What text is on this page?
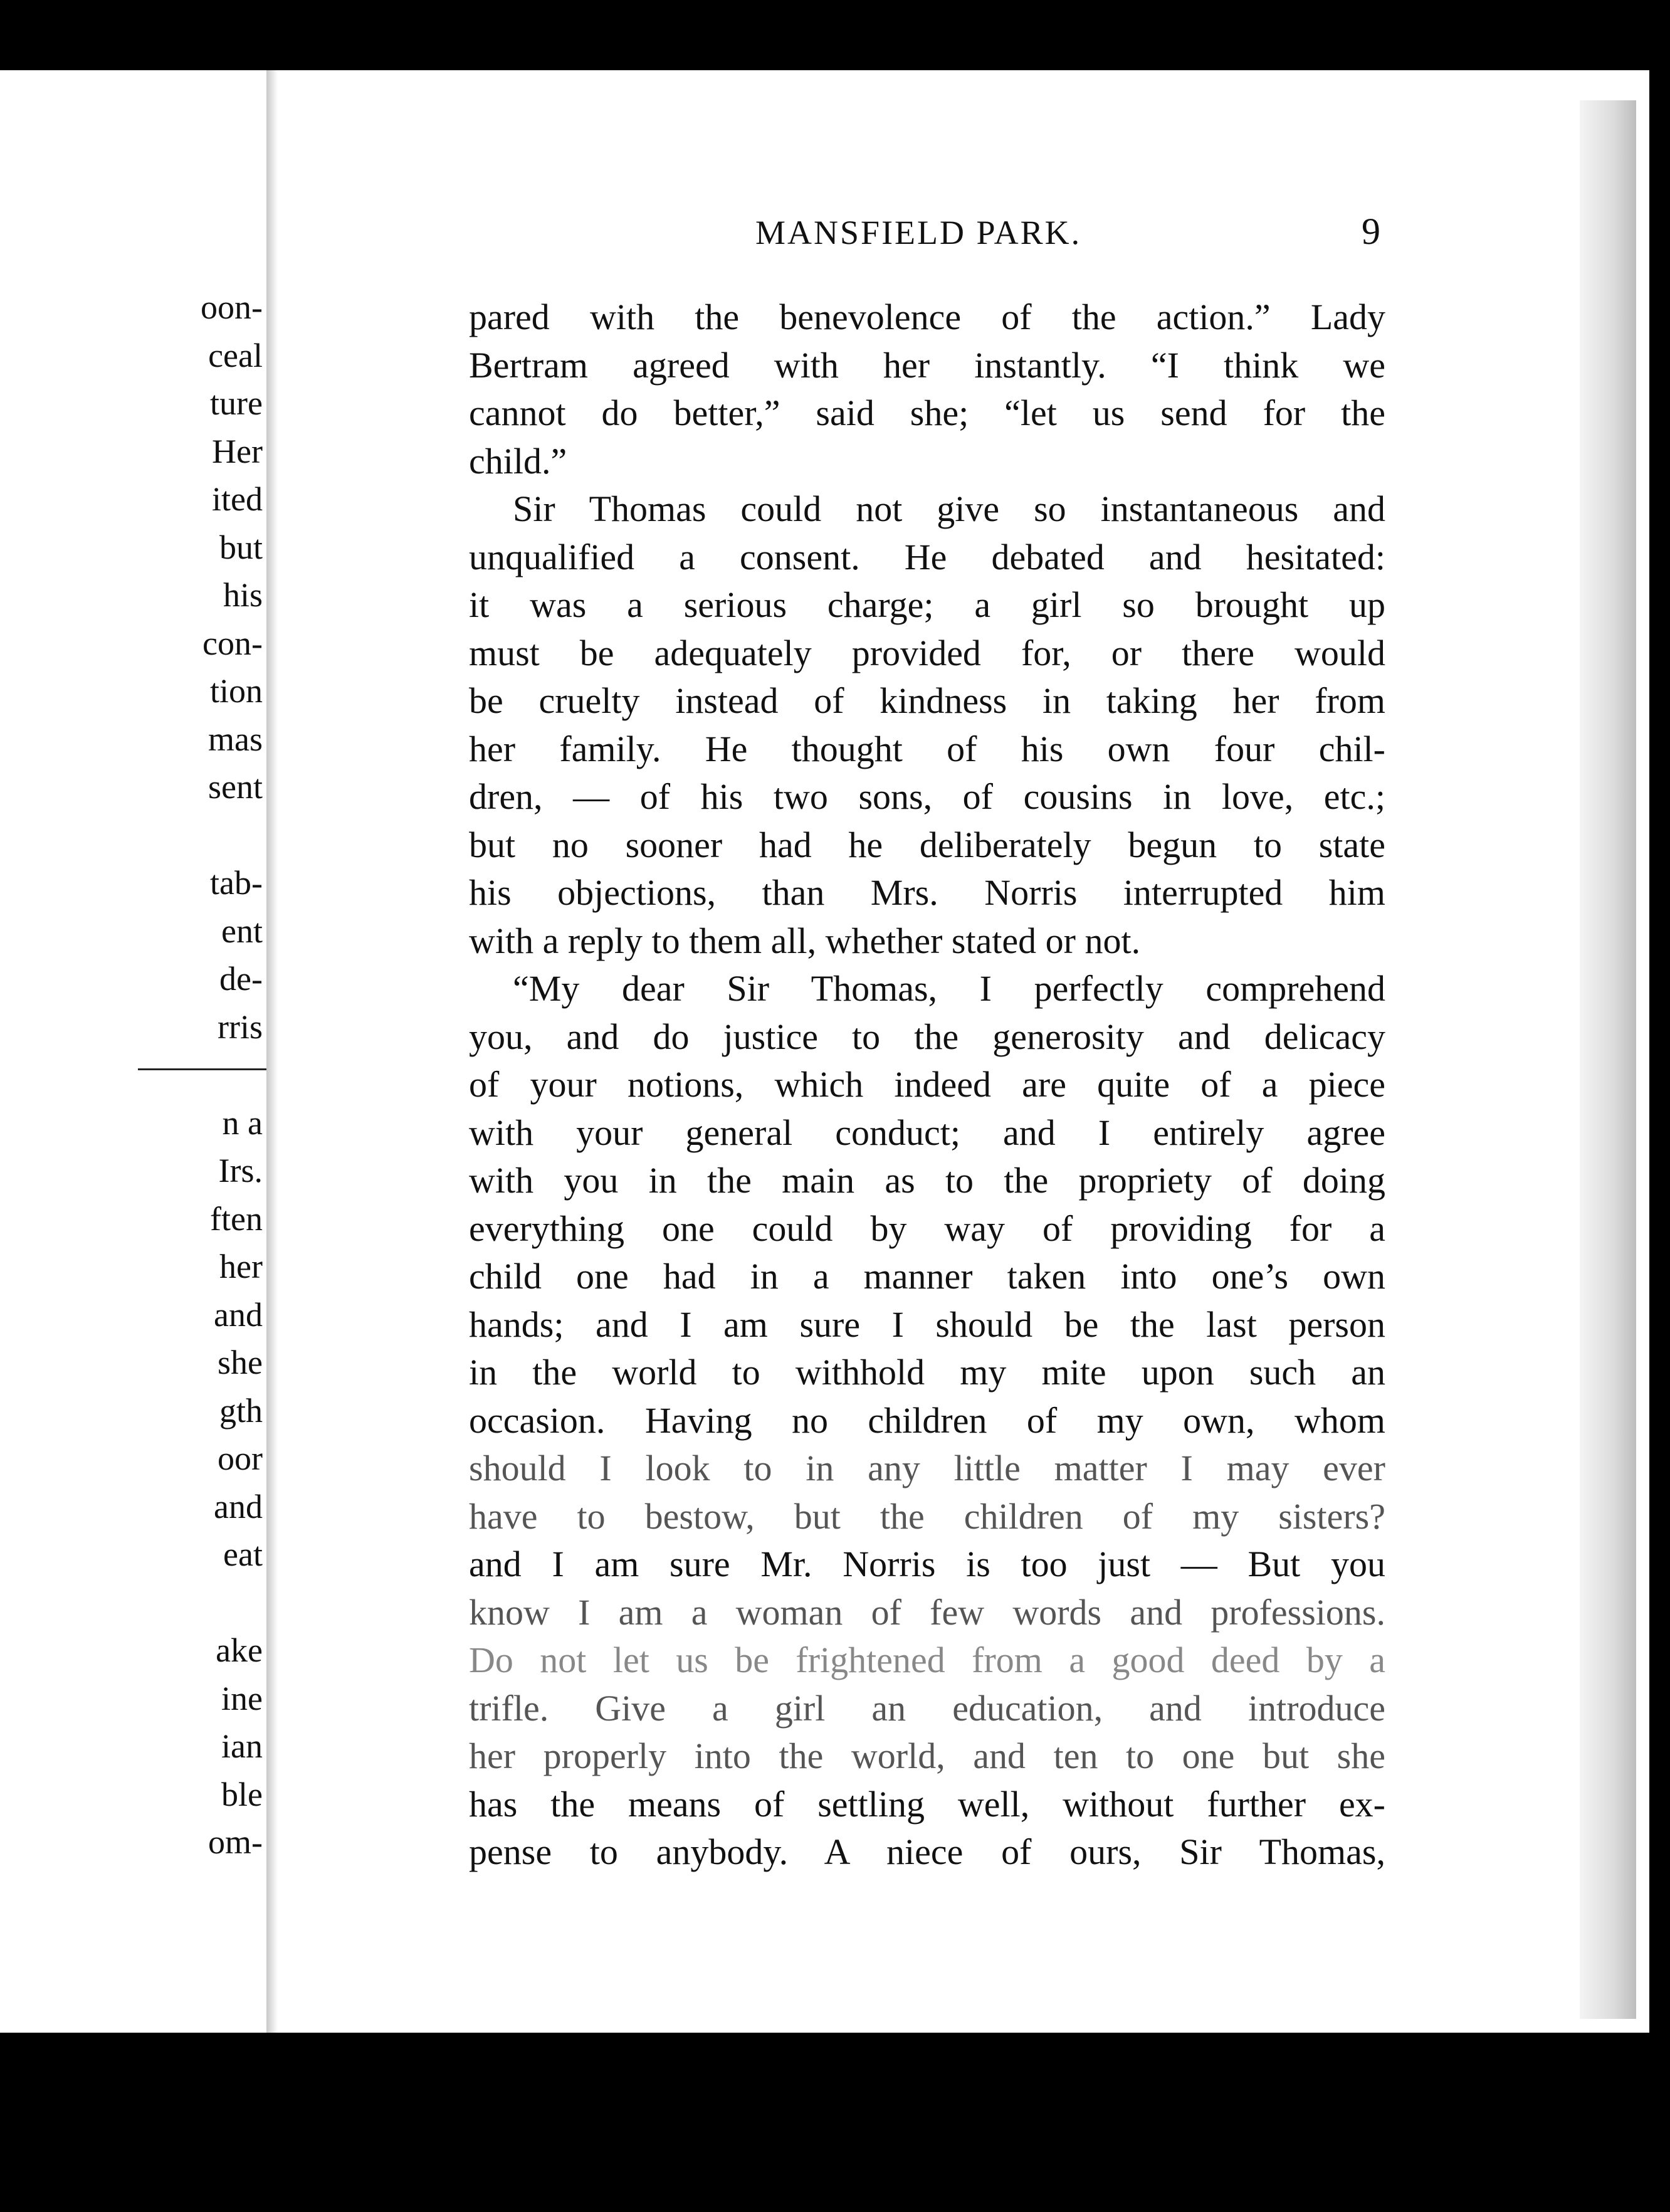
oon-
ceal
ture
Her
ited
but
his
con-
tion
mas
sent
tab-
ent
de-
rris
n a
Irs.
ften
her
and
she
gth
oor
and
eat
ake
ine
ian
ble
om-
MANSFIELD PARK.	9
pared with the benevolence of the action.” Lady
Bertram agreed with her instantly. “I think we
cannot do better,” said she; “let us send for the
child.”
Sir Thomas could not give so instantaneous and
unqualified a consent. He debated and hesitated:
it was a serious charge; a girl so brought up
must be adequately provided for, or there would
be cruelty instead of kindness in taking her from
her family. He thought of his own four chil-
dren, — of his two sons, of cousins in love, etc.;
but no sooner had he deliberately begun to state
his objections, than Mrs. Norris interrupted him
with a reply to them all, whether stated or not.
“My dear Sir Thomas, I perfectly comprehend
you, and do justice to the generosity and delicacy
of your notions, which indeed are quite of a piece
with your general conduct; and I entirely agree
with you in the main as to the propriety of doing
everything one could by way of providing for a
child one had in a manner taken into one’s own
hands; and I am sure I should be the last person
in the world to withhold my mite upon such an
occasion. Having no children of my own, whom
should I look to in any little matter I may ever
have to bestow, but the children of my sisters?
and I am sure Mr. Norris is too just — But you
know I am a woman of few words and professions.
Do not let us be frightened from a good deed by a
trifle. Give a girl an education, and introduce
her properly into the world, and ten to one but she
has the means of settling well, without further ex-
pense to anybody. A niece of ours, Sir Thomas,
